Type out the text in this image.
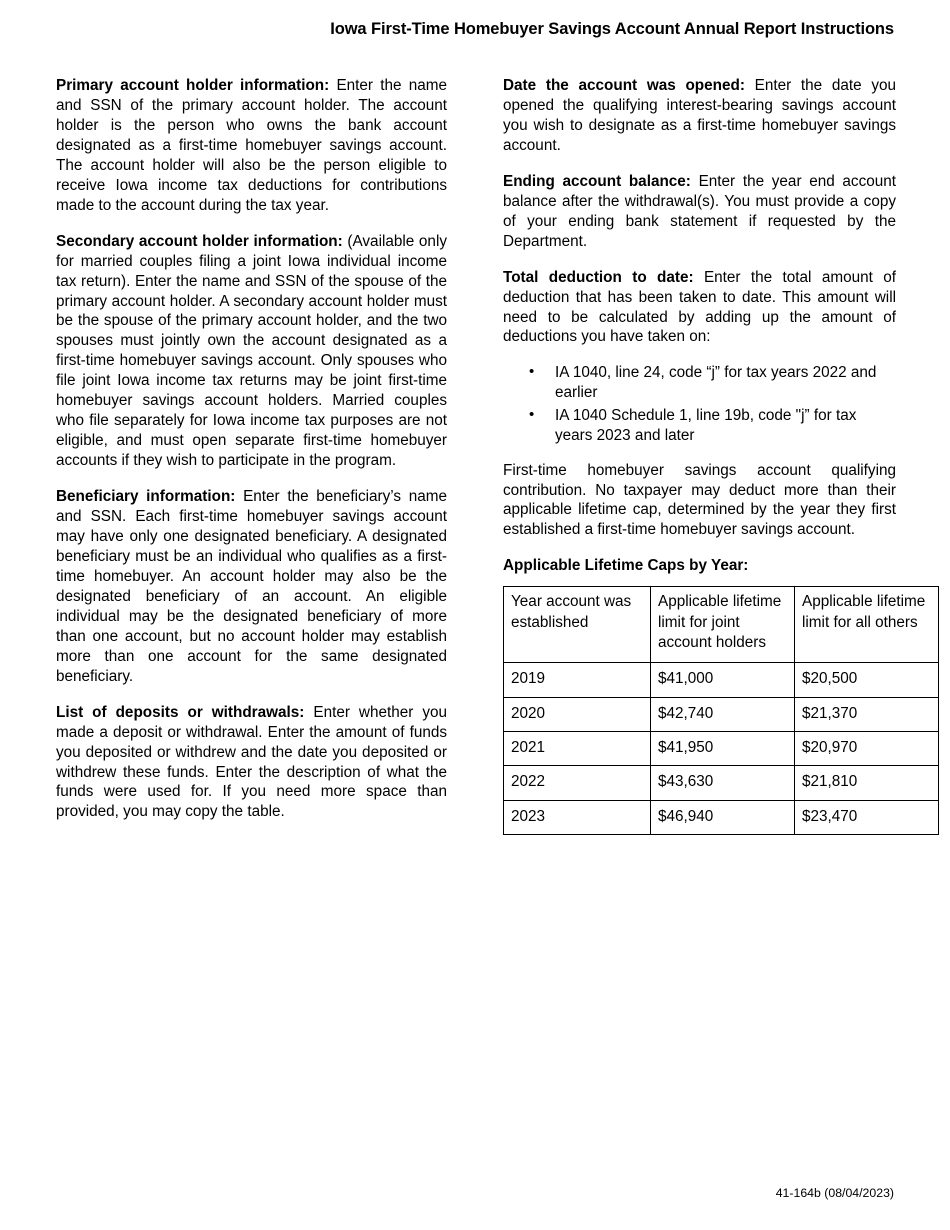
Iowa First-Time Homebuyer Savings Account Annual Report Instructions

Primary account holder information: Enter the name and SSN of the primary account holder. The account holder is the person who owns the bank account designated as a first-time homebuyer savings account. The account holder will also be the person eligible to receive Iowa income tax deductions for contributions made to the account during the tax year.

Secondary account holder information: (Available only for married couples filing a joint Iowa individual income tax return). Enter the name and SSN of the spouse of the primary account holder. A secondary account holder must be the spouse of the primary account holder, and the two spouses must jointly own the account designated as a first-time homebuyer savings account. Only spouses who file joint Iowa income tax returns may be joint first-time homebuyer savings account holders. Married couples who file separately for Iowa income tax purposes are not eligible, and must open separate first-time homebuyer accounts if they wish to participate in the program.

Beneficiary information: Enter the beneficiary’s name and SSN. Each first-time homebuyer savings account may have only one designated beneficiary. A designated beneficiary must be an individual who qualifies as a first-time homebuyer. An account holder may also be the designated beneficiary of an account. An eligible individual may be the designated beneficiary of more than one account, but no account holder may establish more than one account for the same designated beneficiary.

List of deposits or withdrawals: Enter whether you made a deposit or withdrawal. Enter the amount of funds you deposited or withdrew and the date you deposited or withdrew these funds. Enter the description of what the funds were used for. If you need more space than provided, you may copy the table.

Date the account was opened: Enter the date you opened the qualifying interest-bearing savings account you wish to designate as a first-time homebuyer savings account.

Ending account balance: Enter the year end account balance after the withdrawal(s). You must provide a copy of your ending bank statement if requested by the Department.

Total deduction to date: Enter the total amount of deduction that has been taken to date. This amount will need to be calculated by adding up the amount of deductions you have taken on:

• IA 1040, line 24, code “j” for tax years 2022 and earlier
• IA 1040 Schedule 1, line 19b, code "j” for tax years 2023 and later

First-time homebuyer savings account qualifying contribution. No taxpayer may deduct more than their applicable lifetime cap, determined by the year they first established a first-time homebuyer savings account.

Applicable Lifetime Caps by Year:
Year account was established	Applicable lifetime limit for joint account holders	Applicable lifetime limit for all others
2019	$41,000	$20,500
2020	$42,740	$21,370
2021	$41,950	$20,970
2022	$43,630	$21,810
2023	$46,940	$23,470
41-164b (08/04/2023)
